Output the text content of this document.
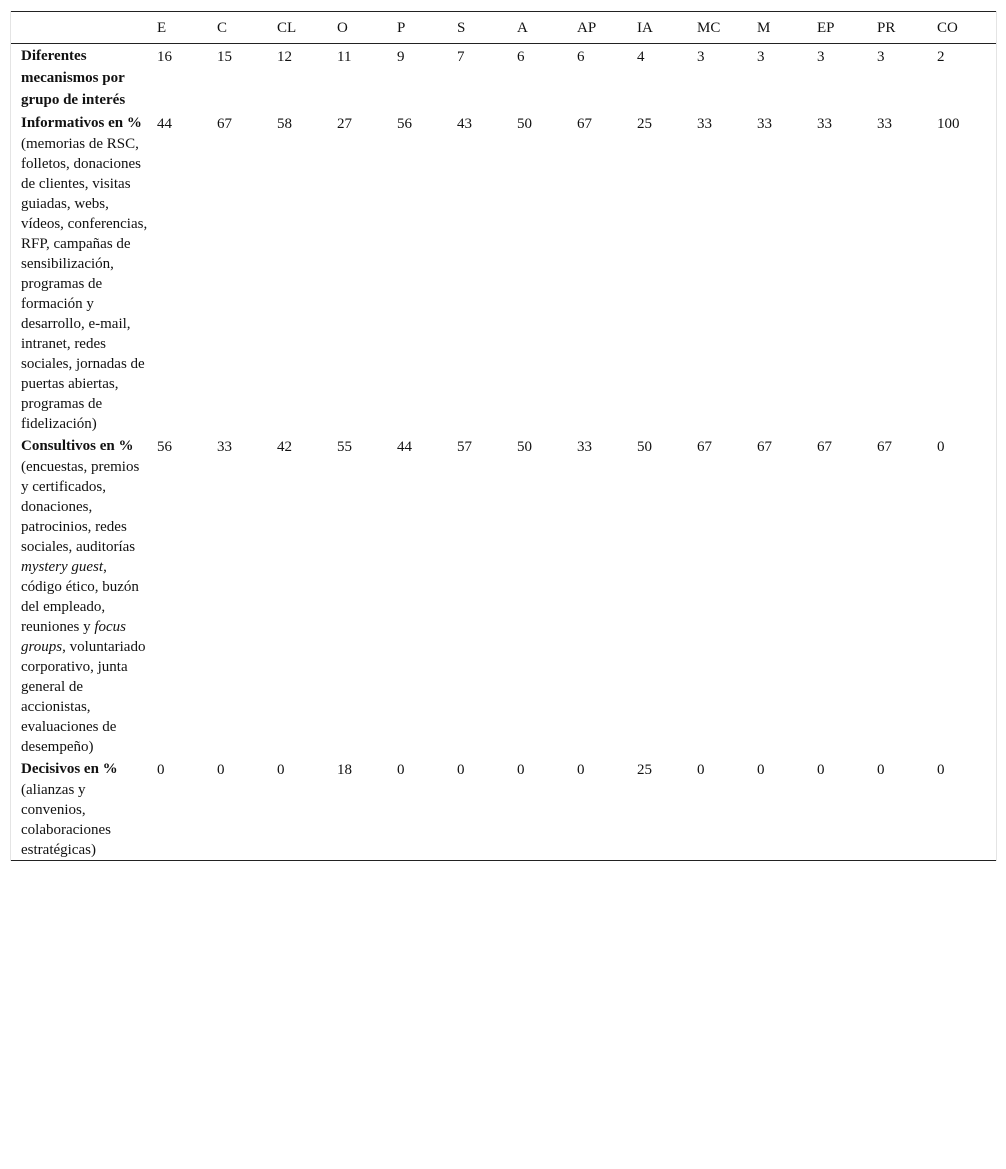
	E	C	CL	O	P	S	A	AP	IA	MC	M	EP	PR	CO

Diferentes mecanismos por grupo de interés	16	15	12	11	9	7	6	6	4	3	3	3	3	2

Informativos en %
(memorias de RSC, folletos, donaciones de clientes, visitas guiadas, webs, vídeos, conferencias, RFP, campañas de sensibilización, programas de formación y desarrollo, e-mail, intranet, redes sociales, jornadas de puertas abiertas, programas de fidelización)	44	67	58	27	56	43	50	67	25	33	33	33	33	100

Consultivos en %
(encuestas, premios y certificados, donaciones, patrocinios, redes sociales, auditorías mystery guest, código ético, buzón del empleado, reuniones y focus groups, voluntariado corporativo, junta general de accionistas, evaluaciones de desempeño)	56	33	42	55	44	57	50	33	50	67	67	67	67	0

Decisivos en %
(alianzas y convenios, colaboraciones estratégicas)	0	0	0	18	0	0	0	0	25	0	0	0	0	0
